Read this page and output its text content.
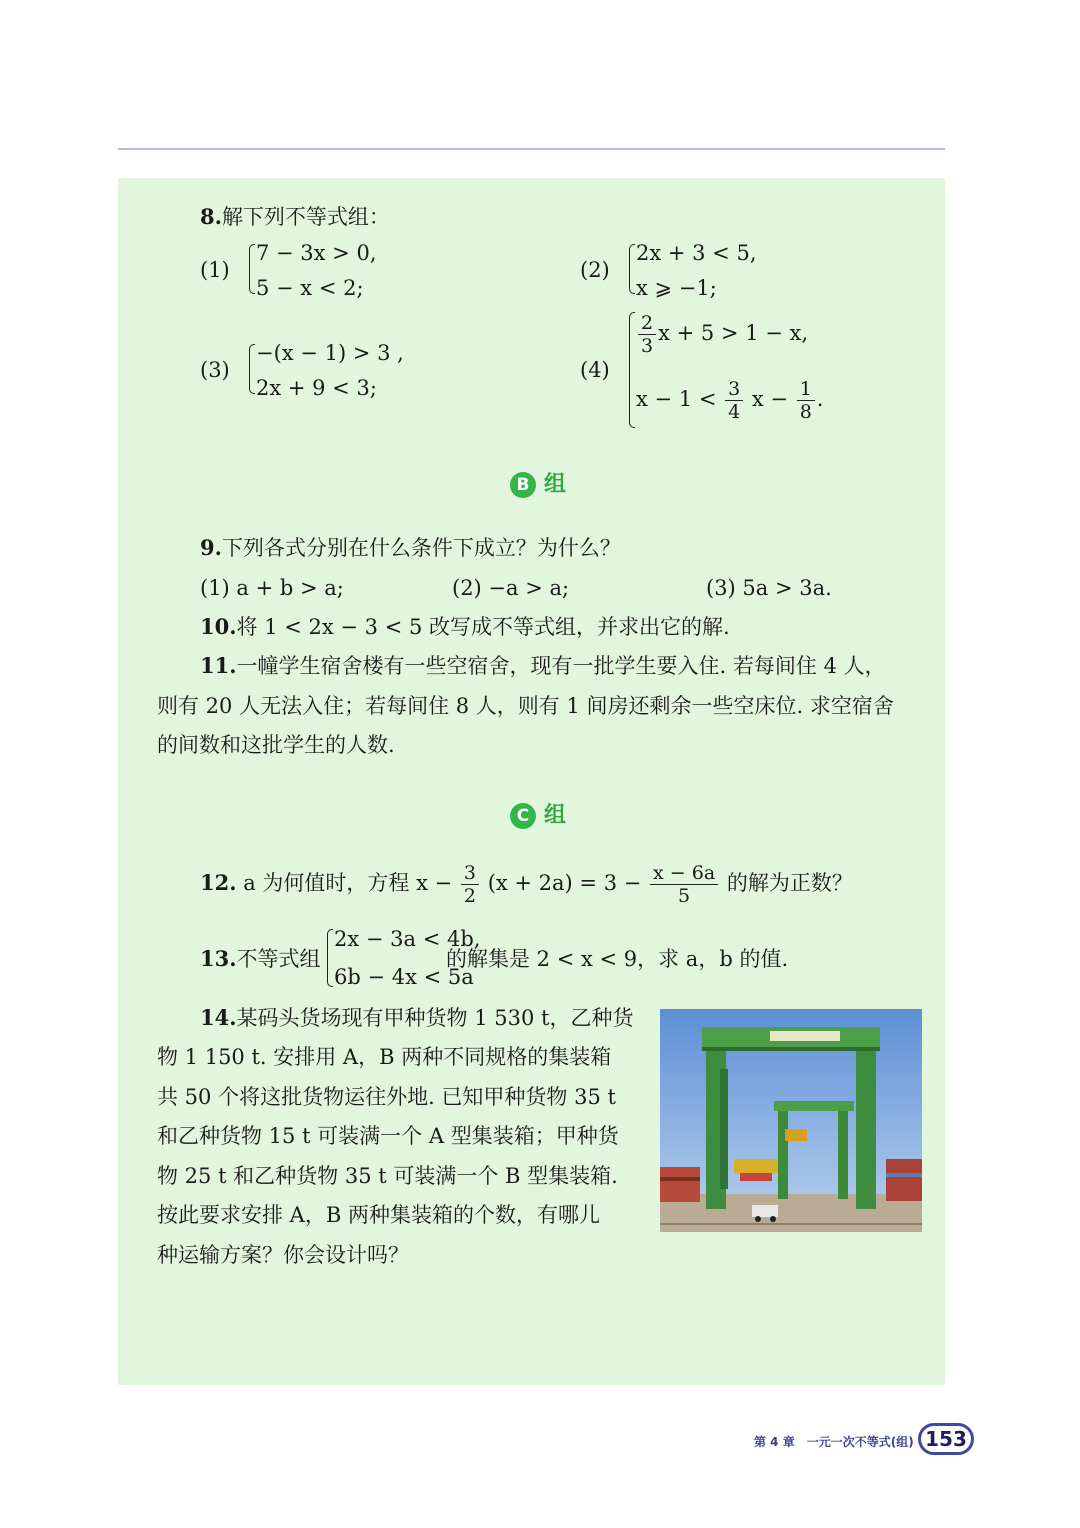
8.解下列不等式组：
(1)
7 − 3x > 0,
5 − x < 2;
(2)
2x + 3 < 5,
x ⩾ −1;
(3)
−(x − 1) > 3 ,
2x + 9 < 3;
(4)
$\frac{2}{3}$ x + 5 > 1 − x,
$x - 1 < \frac{3}{4}$ $x - \frac{1}{8}$ .
B 组
9.下列各式分别在什么条件下成立？为什么？
(1) a + b > a;	(2) −a > a;	(3) 5a > 3a.
10.将 1 < 2x − 3 < 5 改写成不等式组，并求出它的解.
11.一幢学生宿舍楼有一些空宿舍，现有一批学生要入住. 若每间住 4 人，
则有 20 人无法入住；若每间住 8 人，则有 1 间房还剩余一些空床位. 求空宿舍
的间数和这批学生的人数.
C 组
12. a 为何值时，方程 $x - \frac{3}{2} (x + 2a) = 3 - \frac{x - 6a}{5}$ 的解为正数？
13.不等式组
2x − 3a < 4b,
6b − 4x < 5a
的解集是 2 < x < 9，求 a，b 的值.
14.某码头货场现有甲种货物 1 530 t，乙种货
物 1 150 t. 安排用 A，B 两种不同规格的集装箱
共 50 个将这批货物运往外地. 已知甲种货物 35 t
和乙种货物 15 t 可装满一个 A 型集装箱；甲种货
物 25 t 和乙种货物 35 t 可装满一个 B 型集装箱.
按此要求安排 A，B 两种集装箱的个数，有哪儿
种运输方案？你会设计吗？
第 4 章　一元一次不等式(组) 153
